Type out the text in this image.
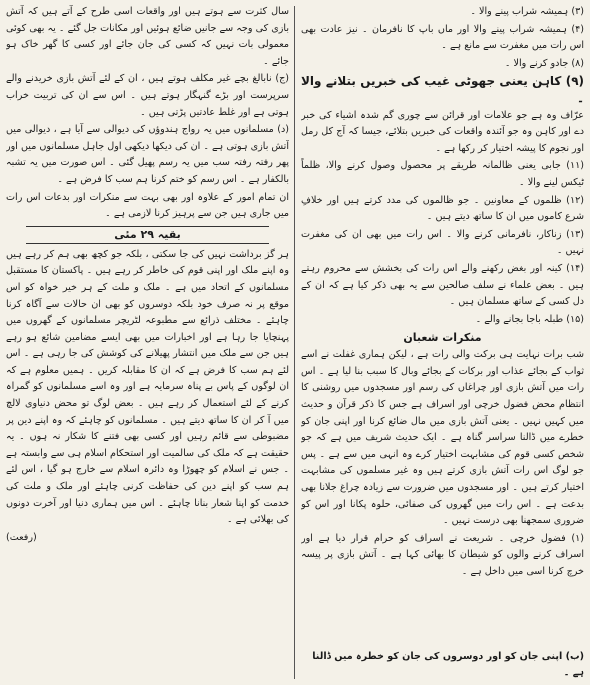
(۳) ہمیشہ شراب پینے والا ۔

(۴) ہمیشہ شراب پینے والا اور ماں باپ کا نافرمان ۔ نیز عادت بھی اس رات میں مغفرت سے مانع ہے ۔

(۸) جادو کرنے والا ۔

(۹) کاہن یعنی جھوٹی غیب کی خبریں بتلانے والا ۔

عرّاف وہ ہے جو علامات اور قرائن سے چوری گم شدہ اشیاء کی خبر دے اور کاہن وہ جو آئندہ واقعات کی خبریں بتلائے، جیسا کہ آج کل رمل اور نجوم کا پیشہ اختیار کر رکھا ہے ۔

(۱۱) جابی یعنی ظالمانہ طریقے پر محصول وصول کرنے والا، ظلماً ٹیکس لینے والا ۔

(۱۲) ظلموں کے معاونین ۔ جو ظالموں کی مدد کرتے ہیں اور خلافِ شرع کاموں میں ان کا ساتھ دیتے ہیں ۔

(۱۳) زناکار، نافرمانی کرنے والا ۔ اس رات میں بھی ان کی مغفرت نہیں ۔

(۱۴) کینہ اور بغض رکھنے والے اس رات کی بخشش سے محروم رہتے ہیں ۔ بعض علماء نے سلف صالحین سے یہ بھی ذکر کیا ہے کہ ان کے دل کسی کے ساتھ مسلمان ہیں ۔

(۱۵) طبلہ باجا بجانے والے ۔

منکرات شعبان

شب برات نہایت ہی برکت والی رات ہے ، لیکن ہماری غفلت نے اسے ثواب کے بجائے عذاب اور برکات کے بجائے وبال کا سبب بنا لیا ہے ۔ اس رات میں آتش بازی اور چراغاں کی رسم اور مسجدوں میں روشنی کا انتظام محض فضول خرچی اور اسراف ہے جس کا ذکر قرآن و حدیث میں کہیں نہیں ۔ یعنی آتش بازی میں مال ضائع کرنا اور اپنی جان کو خطرے میں ڈالنا سراسر گناہ ہے ۔ ایک حدیث شریف میں ہے کہ جو شخص کسی قوم کی مشابہت اختیار کرے وہ انہی میں سے ہے ۔ پس جو لوگ اس رات آتش بازی کرتے ہیں وہ غیر مسلموں کی مشابہت اختیار کرتے ہیں ۔ اور مسجدوں میں ضرورت سے زیادہ چراغ جلانا بھی بدعت ہے ۔ اس رات میں گھروں کی صفائی، حلوہ پکانا اور اس کو ضروری سمجھنا بھی درست نہیں ۔

(۱) فضول خرچی ۔ شریعت نے اسراف کو حرام قرار دیا ہے اور اسراف کرنے والوں کو شیطان کا بھائی کہا ہے ۔ آتش بازی پر پیسہ خرچ کرنا اسی میں داخل ہے ۔

سال کثرت سے ہوتے ہیں اور واقعات اسی طرح کے آتے ہیں کہ آتش بازی کی وجہ سے جانیں ضائع ہوئیں اور مکانات جل گئے ۔ یہ بھی کوئی معمولی بات نہیں کہ کسی کی جان جائے اور کسی کا گھر خاک ہو جائے ۔

(ج) نابالغ بچے غیر مکلف ہوتے ہیں ، ان کے لئے آتش بازی خریدنے والے سرپرست اور بڑے گنہگار ہوتے ہیں ۔ اس سے ان کی تربیت خراب ہوتی ہے اور غلط عادتیں پڑتی ہیں ۔

(د) مسلمانوں میں یہ رواج ہندوؤں کی دیوالی سے آیا ہے ، دیوالی میں آتش بازی ہوتی ہے ۔ ان کی دیکھا دیکھی اول جاہل مسلمانوں میں اور پھر رفتہ رفتہ سب میں یہ رسم پھیل گئی ۔ اس صورت میں یہ تشبہ بالکفار ہے ۔ اس رسم کو ختم کرنا ہم سب کا فرض ہے ۔

ان تمام امور کے علاوہ اور بھی بہت سے منکرات اور بدعات اس رات میں جاری ہیں جن سے پرہیز کرنا لازمی ہے ۔

بقیہ ۲۹ مئی

ہر گز برداشت نہیں کی جا سکتی ، بلکہ جو کچھ بھی ہم کر رہے ہیں وہ اپنے ملک اور اپنی قوم کی خاطر کر رہے ہیں ۔ پاکستان کا مستقبل مسلمانوں کے اتحاد میں ہے ۔ ملک و ملت کے ہر خیر خواہ کو اس موقع پر نہ صرف خود بلکہ دوسروں کو بھی ان حالات سے آگاہ کرنا چاہئے ۔ مختلف ذرائع سے مطبوعہ لٹریچر مسلمانوں کے گھروں میں پہنچایا جا رہا ہے اور اخبارات میں بھی ایسے مضامین شائع ہو رہے ہیں جن سے ملک میں انتشار پھیلانے کی کوشش کی جا رہی ہے ۔ اس لئے ہم سب کا فرض ہے کہ ان کا مقابلہ کریں ۔ ہمیں معلوم ہے کہ ان لوگوں کے پاس بے پناہ سرمایہ ہے اور وہ اسے مسلمانوں کو گمراہ کرنے کے لئے استعمال کر رہے ہیں ۔ بعض لوگ تو محض دنیاوی لالچ میں آ کر ان کا ساتھ دیتے ہیں ۔ مسلمانوں کو چاہئے کہ وہ اپنے دین پر مضبوطی سے قائم رہیں اور کسی بھی فتنے کا شکار نہ ہوں ۔ یہ حقیقت ہے کہ ملک کی سالمیت اور استحکام اسلام ہی سے وابستہ ہے ۔ جس نے اسلام کو چھوڑا وہ دائرہ اسلام سے خارج ہو گیا ، اس لئے ہم سب کو اپنے دین کی حفاظت کرنی چاہئے اور ملک و ملت کی خدمت کو اپنا شعار بنانا چاہئے ۔ اس میں ہماری دنیا اور آخرت دونوں کی بھلائی ہے ۔

(رفعت)

(ب) اپنی جان کو اور دوسروں کی جان کو خطرہ میں ڈالنا ہے ۔
